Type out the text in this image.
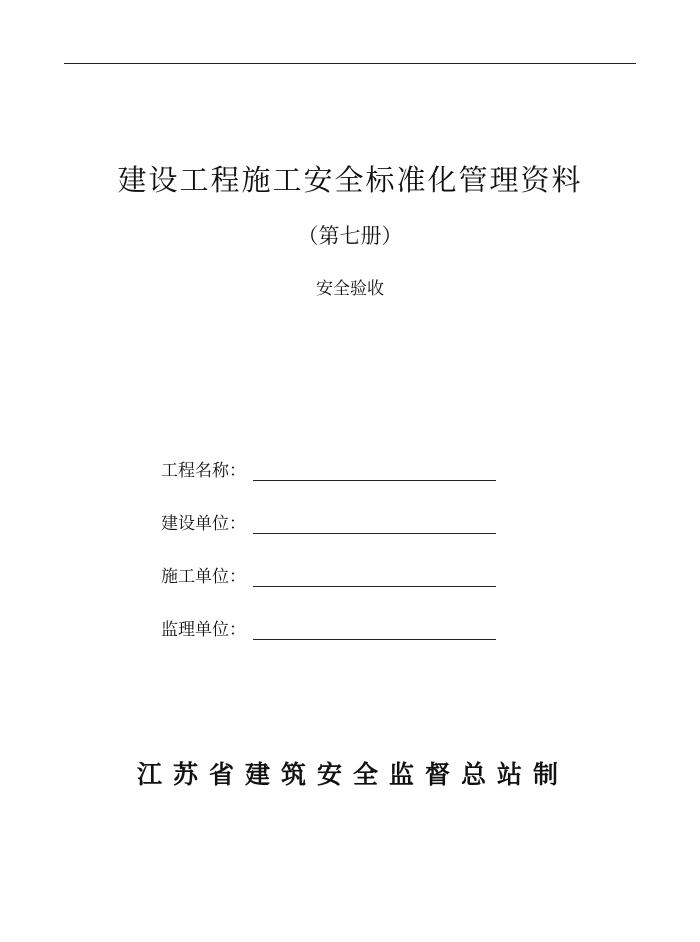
建设工程施工安全标准化管理资料
（第七册）
安全验收
工程名称：
建设单位：
施工单位：
监理单位：
江苏省建筑安全监督总站制
